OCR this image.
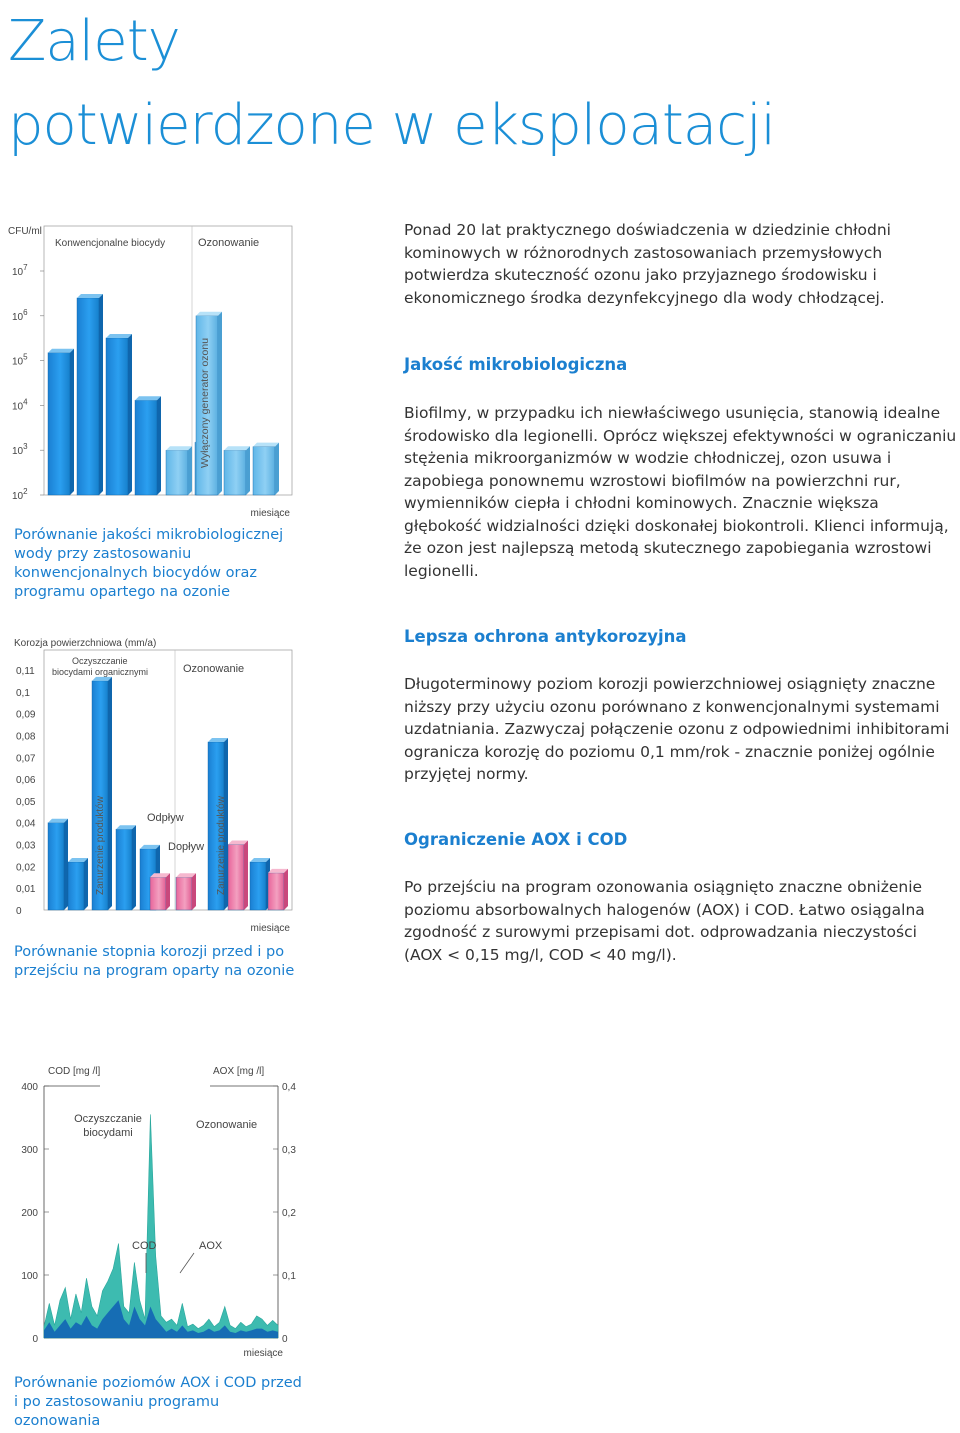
Zalety
potwierdzone w eksploatacji
CFU/ml
Konwencjonalne biocydy	Ozonowanie
miesiące
$10^7$
$10^6$
$10^5$
$10^4$
$10^3$
$10^2$
Wyłączony generator ozonu

Porównanie jakości mikrobiologicznej wody przy zastosowaniu konwencjonalnych biocydów oraz programu opartego na ozonie

Korozja powierzchniowa (mm/a)
Oczyszczanie
biocydami organicznymi	Ozonowanie
miesiące
0,11
0,1
0,09
0,08
0,07
0,06
0,05
0,04
0,03
0,02
0,01
0
Zanurzenie produktów	Odpływ
Dopływ Zanurzenie produktów

Porównanie stopnia korozji przed i po przejściu na program oparty na ozonie

COD [mg /l]	AOX [mg /l]
Oczyszczanie
biocydami
Ozonowanie
400
300
200
100
0
0,4
0,3
0,2
0,1
0
COD	AOX
miesiące

Porównanie poziomów AOX i COD przed i po zastosowaniu programu ozonowania

Ponad 20 lat praktycznego doświadczenia w dziedzinie chłodni kominowych w różnorodnych zastosowaniach przemysłowych potwierdza skuteczność ozonu jako przyjaznego środowisku i ekonomicznego środka dezynfekcyjnego dla wody chłodzącej.

Jakość mikrobiologiczna

Biofilmy, w przypadku ich niewłaściwego usunięcia, stanowią idealne środowisko dla legionelli. Oprócz większej efektywności w ograniczaniu stężenia mikroorganizmów w wodzie chłodniczej, ozon usuwa i zapobiega ponownemu wzrostowi biofilmów na powierzchni rur, wymienników ciepła i chłodni kominowych. Znacznie większa głębokość widzialności dzięki doskonałej biokontroli. Klienci informują, że ozon jest najlepszą metodą skutecznego zapobiegania wzrostowi legionelli.

Lepsza ochrona antykorozyjna

Długoterminowy poziom korozji powierzchniowej osiągnięty znaczne niższy przy użyciu ozonu porównano z konwencjonalnymi systemami uzdatniania. Zazwyczaj połączenie ozonu z odpowiednimi inhibitorami ogranicza korozję do poziomu 0,1 mm/rok - znacznie poniżej ogólnie przyjętej normy.

Ograniczenie AOX i COD

Po przejściu na program ozonowania osiągnięto znaczne obniżenie poziomu absorbowalnych halogenów (AOX) i COD. Łatwo osiągalna zgodność z surowymi przepisami dot. odprowadzania nieczystości (AOX < 0,15 mg/l, COD < 40 mg/l).
